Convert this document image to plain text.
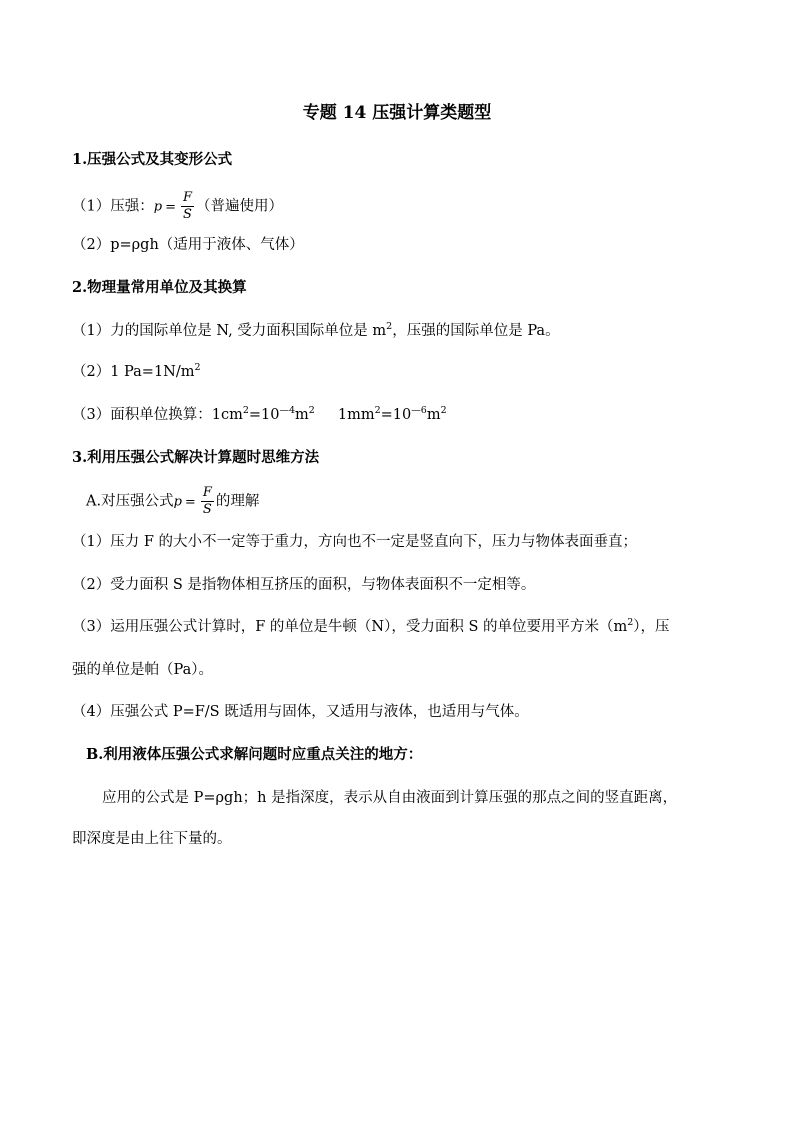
专题 14 压强计算类题型
1.压强公式及其变形公式
（1）压强：$p = \frac{F}{S}$ （普遍使用）
（2）p=ρgh（适用于液体、气体）
2.物理量常用单位及其换算
（1）力的国际单位是 N, 受力面积国际单位是 $m^2$，压强的国际单位是 Pa。
（2）1 $Pa=1N/m^2$
（3）面积单位换算：$1cm^2=10^{—4}m^2$     $1mm^2=10^{—6}m^2$
3.利用压强公式解决计算题时思维方法
A.对压强公式$p = \frac{F}{S}$ 的理解
（1）压力 F 的大小不一定等于重力，方向也不一定是竖直向下，压力与物体表面垂直；
（2）受力面积 S 是指物体相互挤压的面积，与物体表面积不一定相等。
（3）运用压强公式计算时，F 的单位是牛顿（N），受力面积 S 的单位要用平方米$(m^2)$，压
强的单位是帕（Pa）。
（4）压强公式 P=F/S 既适用与固体，又适用与液体，也适用与气体。
B.利用液体压强公式求解问题时应重点关注的地方：
应用的公式是 P=ρgh；h 是指深度，表示从自由液面到计算压强的那点之间的竖直距离，
即深度是由上往下量的。
